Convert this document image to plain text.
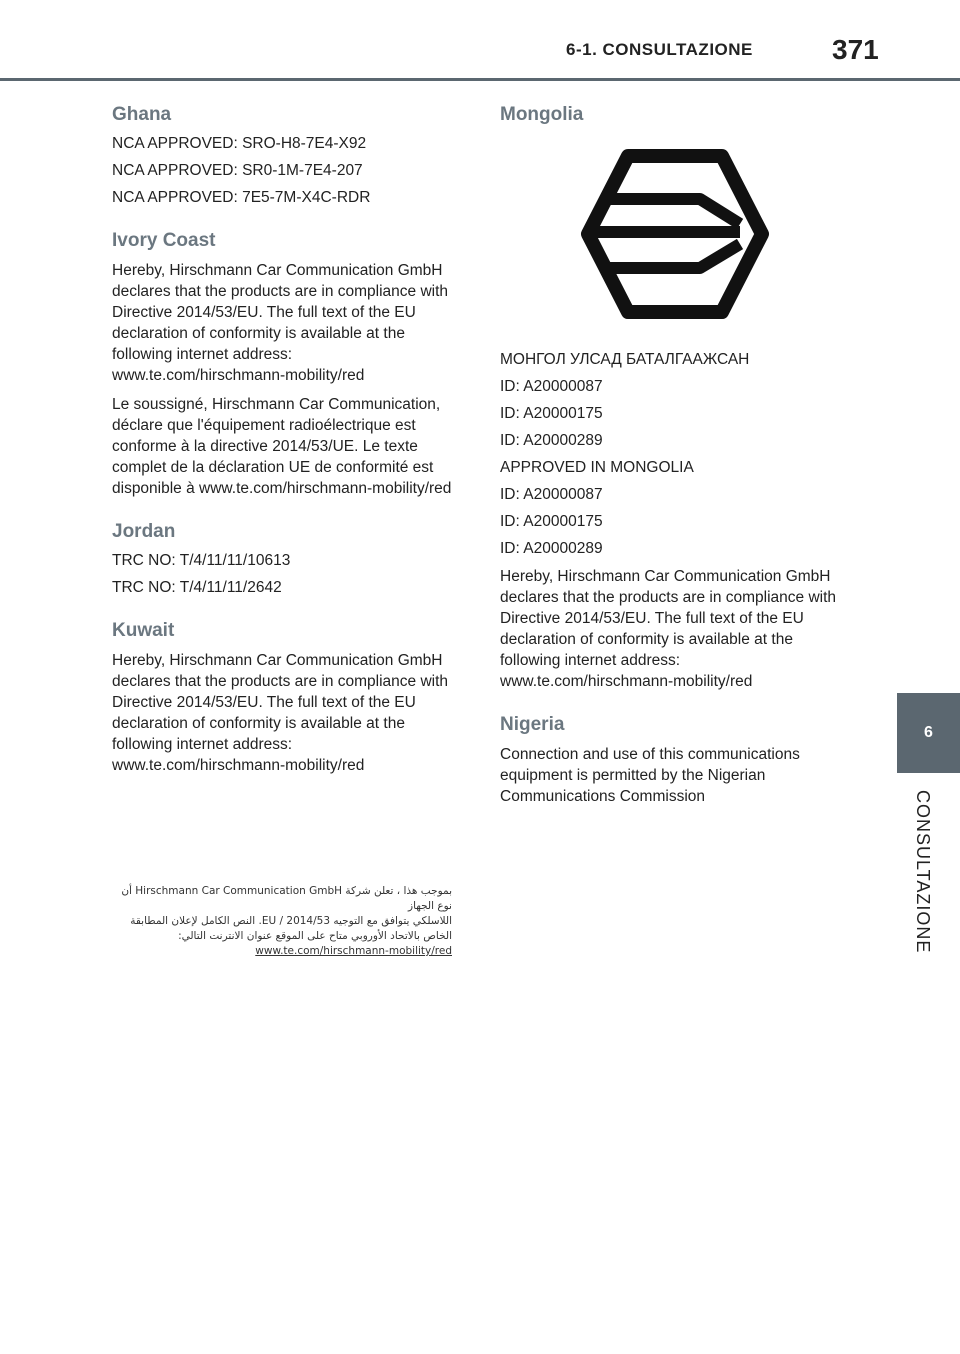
6-1. CONSULTAZIONE	371
6
CONSULTAZIONE
Ghana
NCA APPROVED: SRO-H8-7E4-X92
NCA APPROVED: SR0-1M-7E4-207
NCA APPROVED: 7E5-7M-X4C-RDR
Ivory Coast

Hereby, Hirschmann Car Communication GmbH declares that the products are in compliance with Directive 2014/53/EU. The full text of the EU declaration of conformity is available at the following internet address: www.te.com/hirschmann-mobility/red

Le soussigné, Hirschmann Car Communication, déclare que l'équipement radioélectrique est conforme à la directive 2014/53/UE. Le texte complet de la déclaration UE de conformité est disponible à www.te.com/hirschmann-mobility/red

Jordan
TRC NO: T/4/11/11/10613
TRC NO: T/4/11/11/2642
Kuwait

Hereby, Hirschmann Car Communication GmbH declares that the products are in compliance with Directive 2014/53/EU. The full text of the EU declaration of conformity is available at the following internet address: www.te.com/hirschmann-mobility/red

بموجب هذا ، تعلن شركة Hirschmann Car Communication GmbH أن نوع الجهاز
اللاسلكي يتوافق مع التوجيه 2014/53 / EU. النص الكامل لإعلان المطابقة
الخاص بالاتحاد الأوروبي متاح على الموقع عنوان الانترنت التالي:
www.te.com/hirschmann-mobility/red
Mongolia
МОНГОЛ УЛСАД БАТАЛГААЖСАН
ID: A20000087
ID: A20000175
ID: A20000289
APPROVED IN MONGOLIA
ID: A20000087
ID: A20000175
ID: A20000289

Hereby, Hirschmann Car Communication GmbH declares that the products are in compliance with Directive 2014/53/EU. The full text of the EU declaration of conformity is available at the following internet address: www.te.com/hirschmann-mobility/red

Nigeria

Connection and use of this communications equipment is permitted by the Nigerian Communications Commission
